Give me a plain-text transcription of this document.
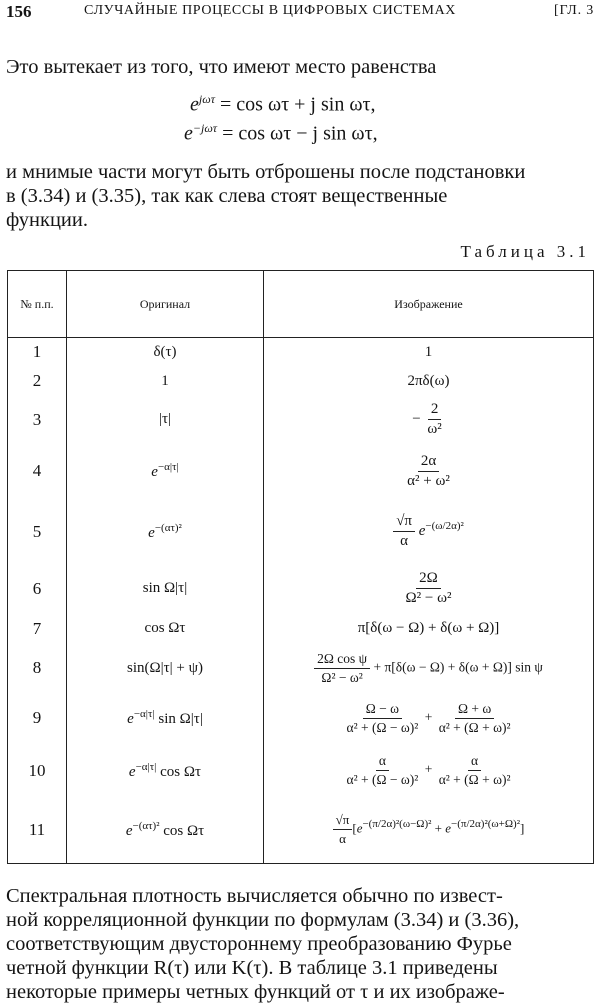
156	СЛУЧАЙНЫЕ ПРОЦЕССЫ В ЦИФРОВЫХ СИСТЕМАХ	[ГЛ. 3
Это вытекает из того, что имеют место равенства
$e^{j\omega\tau} = \cos \omega\tau + j$ sin ωτ,
$e^{-j\omega\tau} = \cos \omega\tau - j$ sin ωτ,
и мнимые части могут быть отброшены после подстановки
в (3.34) и (3.35), так как слева стоят вещественные
функции.
Таблица 3.1
№ п.п.	Оригинал	Изображение
1	δ(τ)	1
2	1	2πδ(ω)
3	|τ|	− $\frac{2}{\text{ω²}}$

4	$e^{-\alpha|\tau|}$	$\frac{2\alpha}{\text{α² + ω²}}$

5	$e^{-(\alpha\tau)^2}$	$\frac{√\pi}{\alpha} e^{-(\omega/2\alpha)^2}$
6	sin Ω|τ|	$\frac{2\Omega}{\text{Ω² − ω²}}$

7	cos Ωτ	π[δ(ω − Ω) + δ(ω + Ω)]
8	sin(Ω|τ| + ψ)	$\frac{\text{2Ω cos ψ}}{\text{Ω² − ω²}} + \pi[\delta(\omega - \Omega) + \delta(\omega + \Omega)]$ sin ψ
9	$e^{-\alpha|\tau|}$ sin Ω|τ|	$\frac{\Omega - \omega}{\text{α² + (Ω − ω)²}} + \frac{\Omega + \omega}{\text{α² + (Ω + ω)²}}$

10	$e^{-\alpha|\tau|}$ cos Ωτ	$\frac{\alpha}{\text{α² + (Ω − ω)²}} + \frac{\alpha}{\text{α² + (Ω + ω)²}}$

11	$e^{-(\alpha\tau)^2}$ cos Ωτ	$\frac{√\pi}{\alpha} [e^{-(\pi/2\alpha)^2(\omega-\Omega)^2} + e^{-(\pi/2\alpha)^2(\omega+\Omega)^2}]$
Спектральная плотность вычисляется обычно по извест-
ной корреляционной функции по формулам (3.34) и (3.36),
соответствующим двустороннему преобразованию Фурье
четной функции R(τ) или K(τ). В таблице 3.1 приведены
некоторые примеры четных функций от τ и их изображе-
